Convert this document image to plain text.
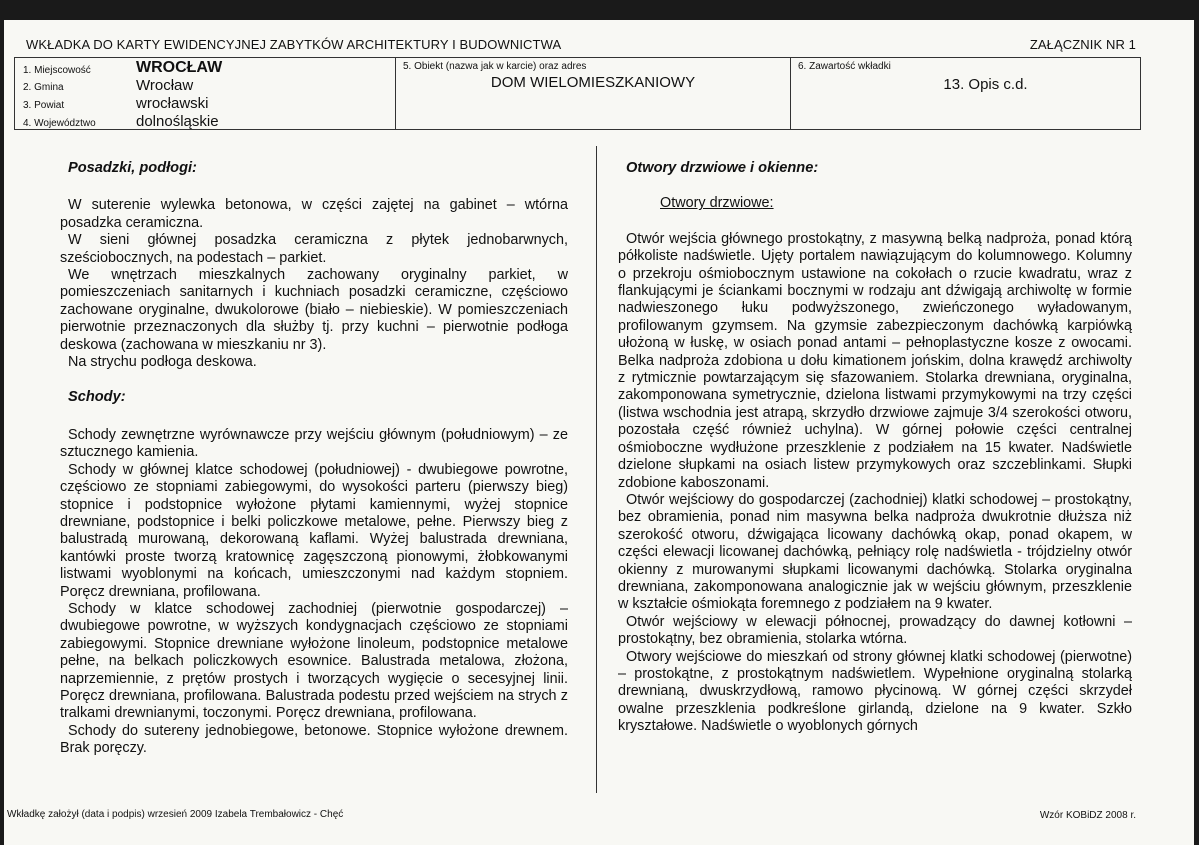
WKŁADKA DO KARTY EWIDENCYJNEJ ZABYTKÓW ARCHITEKTURY I BUDOWNICTWA	ZAŁĄCZNIK NR 1
1. Miejscowość	WROCŁAW
2. Gmina	Wrocław
3. Powiat	wrocławski
4. Województwo	dolnośląskie
5. Obiekt (nazwa jak w karcie) oraz adres
DOM WIELOMIESZKANIOWY
6. Zawartość wkładki
13. Opis c.d.
Posadzki, podłogi:

W suterenie wylewka betonowa, w części zajętej na gabinet – wtórna posadzka ceramiczna.

W sieni głównej posadzka ceramiczna z płytek jednobarwnych, sześciobocznych, na podestach – parkiet.

We wnętrzach mieszkalnych zachowany oryginalny parkiet, w pomieszczeniach sanitarnych i kuchniach posadzki ceramiczne, częściowo zachowane oryginalne, dwukolorowe (biało – niebieskie). W pomieszczeniach pierwotnie przeznaczonych dla służby tj. przy kuchni – pierwotnie podłoga deskowa (zachowana w mieszkaniu nr 3).

Na strychu podłoga deskowa.

Schody:

Schody zewnętrzne wyrównawcze przy wejściu głównym (południowym) – ze sztucznego kamienia.

Schody w głównej klatce schodowej (południowej) - dwubiegowe powrotne, częściowo ze stopniami zabiegowymi, do wysokości parteru (pierwszy bieg) stopnice i podstopnice wyłożone płytami kamiennymi, wyżej stopnice drewniane, podstopnice i belki policzkowe metalowe, pełne. Pierwszy bieg z balustradą murowaną, dekorowaną kaflami. Wyżej balustrada drewniana, kantówki proste tworzą kratownicę zagęszczoną pionowymi, żłobkowanymi listwami wyoblonymi na końcach, umieszczonymi nad każdym stopniem. Poręcz drewniana, profilowana.

Schody w klatce schodowej zachodniej (pierwotnie gospodarczej) – dwubiegowe powrotne, w wyższych kondygnacjach częściowo ze stopniami zabiegowymi. Stopnice drewniane wyłożone linoleum, podstopnice metalowe pełne, na belkach policzkowych esownice. Balustrada metalowa, złożona, naprzemiennie, z prętów prostych i tworzących wygięcie o secesyjnej linii. Poręcz drewniana, profilowana. Balustrada podestu przed wejściem na strych z tralkami drewnianymi, toczonymi. Poręcz drewniana, profilowana.

Schody do sutereny jednobiegowe, betonowe. Stopnice wyłożone drewnem. Brak poręczy.

Otwory drzwiowe i okienne:

Otwory drzwiowe:

Otwór wejścia głównego prostokątny, z masywną belką nadproża, ponad którą półkoliste nadświetle. Ujęty portalem nawiązującym do kolumnowego. Kolumny o przekroju ośmiobocznym ustawione na cokołach o rzucie kwadratu, wraz z flankującymi je ściankami bocznymi w rodzaju ant dźwigają archiwoltę w formie nadwieszonego łuku podwyższonego, zwieńczonego wyładowanym, profilowanym gzymsem. Na gzymsie zabezpieczonym dachówką karpiówką ułożoną w łuskę, w osiach ponad antami – pełnoplastyczne kosze z owocami. Belka nadproża zdobiona u dołu kimationem jońskim, dolna krawędź archiwolty z rytmicznie powtarzającym się sfazowaniem. Stolarka drewniana, oryginalna, zakomponowana symetrycznie, dzielona listwami przymykowymi na trzy części (listwa wschodnia jest atrapą, skrzydło drzwiowe zajmuje 3/4 szerokości otworu, pozostała część również uchylna). W górnej połowie części centralnej ośmioboczne wydłużone przeszklenie z podziałem na 15 kwater. Nadświetle dzielone słupkami na osiach listew przymykowych oraz szczeblinkami. Słupki zdobione kaboszonami.

Otwór wejściowy do gospodarczej (zachodniej) klatki schodowej – prostokątny, bez obramienia, ponad nim masywna belka nadproża dwukrotnie dłuższa niż szerokość otworu, dźwigająca licowany dachówką okap, ponad okapem, w części elewacji licowanej dachówką, pełniący rolę nadświetla - trójdzielny otwór okienny z murowanymi słupkami licowanymi dachówką. Stolarka oryginalna drewniana, zakomponowana analogicznie jak w wejściu głównym, przeszklenie w kształcie ośmiokąta foremnego z podziałem na 9 kwater.

Otwór wejściowy w elewacji północnej, prowadzący do dawnej kotłowni – prostokątny, bez obramienia, stolarka wtórna.

Otwory wejściowe do mieszkań od strony głównej klatki schodowej (pierwotne) – prostokątne, z prostokątnym nadświetlem. Wypełnione oryginalną stolarką drewnianą, dwuskrzydłową, ramowo płycinową. W górnej części skrzydeł owalne przeszklenia podkreślone girlandą, dzielone na 9 kwater. Szkło kryształowe. Nadświetle o wyoblonych górnych

Wkładkę założył (data i podpis) wrzesień 2009 Izabela Trembałowicz - Chęć	Wzór KOBiDZ 2008 r.
